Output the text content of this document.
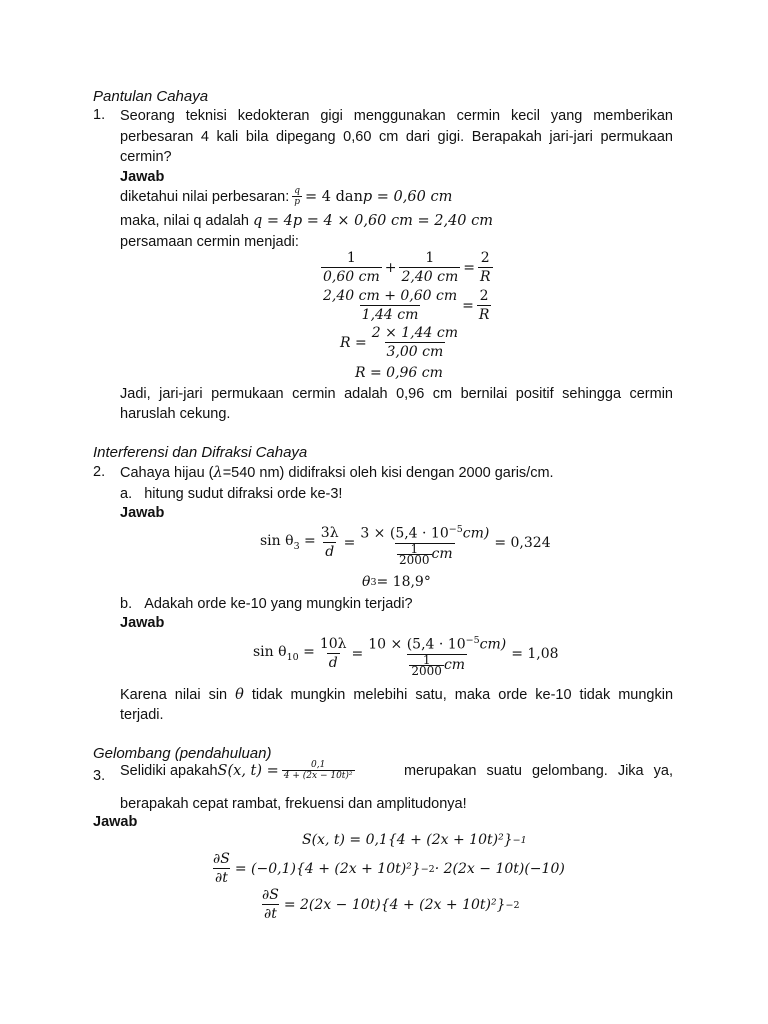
Pantulan Cahaya
1. Seorang teknisi kedokteran gigi menggunakan cermin kecil yang memberikan
perbesaran 4 kali bila dipegang 0,60 cm dari gigi. Berapakah jari-jari permukaan
cermin?
Jawab
diketahui nilai perbesaran: $\frac{q}{p} = 4$ dan p = 0,60 cm
maka, nilai q adalah q = 4p = 4 × 0,60 cm = 2,40 cm
persamaan cermin menjadi:
$\frac{1}{0,60 cm} + \frac{1}{2,40 cm} = \frac{2}{R}$
$\frac{2,40 cm + 0,60 cm}{1,44 cm} = \frac{2}{R}$
$R = \frac{2 \times 1,44 cm}{3,00 cm}$
R = 0,96 cm
Jadi, jari-jari permukaan cermin adalah 0,96 cm bernilai positif sehingga cermin
haruslah cekung.
Interferensi dan Difraksi Cahaya
2. Cahaya hijau (λ=540 nm) didifraksi oleh kisi dengan 2000 garis/cm.
a. hitung sudut difraksi orde ke-3!
Jawab
$\sin \theta_3 = \frac{3\lambda}{d} = \frac{3 \times (5,4 \cdot 10^{-5}cm)}{\frac{1}{2000} cm} = 0,324$
θ 3 = 18,9°
b. Adakah orde ke-10 yang mungkin terjadi?
Jawab
$\sin \theta_{10} = \frac{10\lambda}{d} = \frac{10 \times (5,4 \cdot 10^{-5}cm)}{\frac{1}{2000} cm} = 1,08$
Karena nilai sin θ tidak mungkin melebihi satu, maka orde ke-10 tidak mungkin
terjadi.
Gelombang (pendahuluan)
3. Selidiki apakah S(x, $t) = \frac{0,1}{\text{4 + (2x − 10t)²}}$	merupakan suatu gelombang. Jika ya,
berapakah cepat rambat, frekuensi dan amplitudonya!
Jawab
S(x, t) = 0,1{4 + (2x + 10t)²} −1
$\frac{\partial S}{\partial t} = (-0,1)\{4 + (2x + 10t)^2\} -2 \cdot 2(2x - 10t)(-10)$
$\frac{\partial S}{\partial t} = 2(2x - 10t)\{4 + (2x + 10t)^2\} -2$
